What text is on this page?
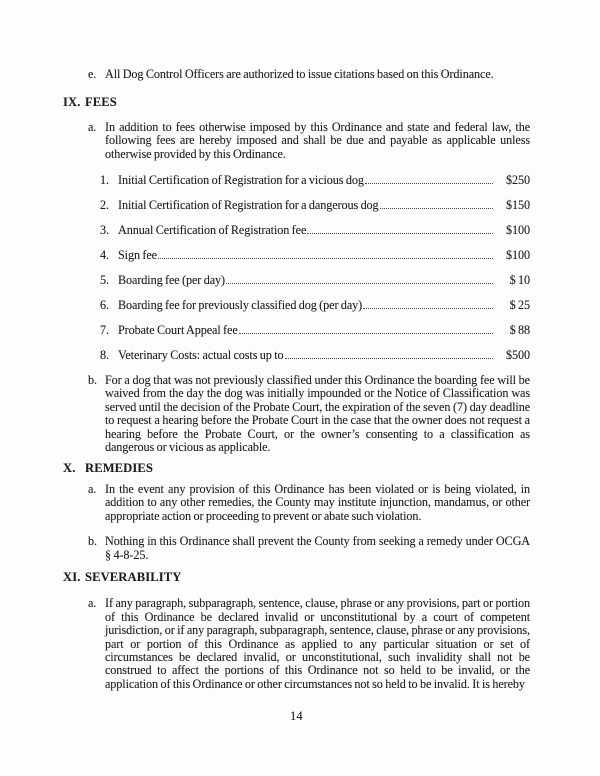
e. All Dog Control Officers are authorized to issue citations based on this Ordinance.
IX. FEES
a. In addition to fees otherwise imposed by this Ordinance and state and federal law, the following fees are hereby imposed and shall be due and payable as applicable unless otherwise provided by this Ordinance.
1. Initial Certification of Registration for a vicious dog	$250
2. Initial Certification of Registration for a dangerous dog	$150
3. Annual Certification of Registration fee	$100
4. Sign fee	$100
5. Boarding fee (per day)	$ 10
6. Boarding fee for previously classified dog (per day)	$ 25
7. Probate Court Appeal fee	$ 88
8. Veterinary Costs: actual costs up to	$500
b. For a dog that was not previously classified under this Ordinance the boarding fee will be waived from the day the dog was initially impounded or the Notice of Classification was served until the decision of the Probate Court, the expiration of the seven (7) day deadline to request a hearing before the Probate Court in the case that the owner does not request a hearing before the Probate Court, or the owner’s consenting to a classification as dangerous or vicious as applicable.
X. REMEDIES
a. In the event any provision of this Ordinance has been violated or is being violated, in addition to any other remedies, the County may institute injunction, mandamus, or other appropriate action or proceeding to prevent or abate such violation.
b. Nothing in this Ordinance shall prevent the County from seeking a remedy under OCGA § 4-8-25.
XI. SEVERABILITY
a. If any paragraph, subparagraph, sentence, clause, phrase or any provisions, part or portion of this Ordinance be declared invalid or unconstitutional by a court of competent jurisdiction, or if any paragraph, subparagraph, sentence, clause, phrase or any provisions, part or portion of this Ordinance as applied to any particular situation or set of circumstances be declared invalid, or unconstitutional, such invalidity shall not be construed to affect the portions of this Ordinance not so held to be invalid, or the application of this Ordinance or other circumstances not so held to be invalid. It is hereby
14
